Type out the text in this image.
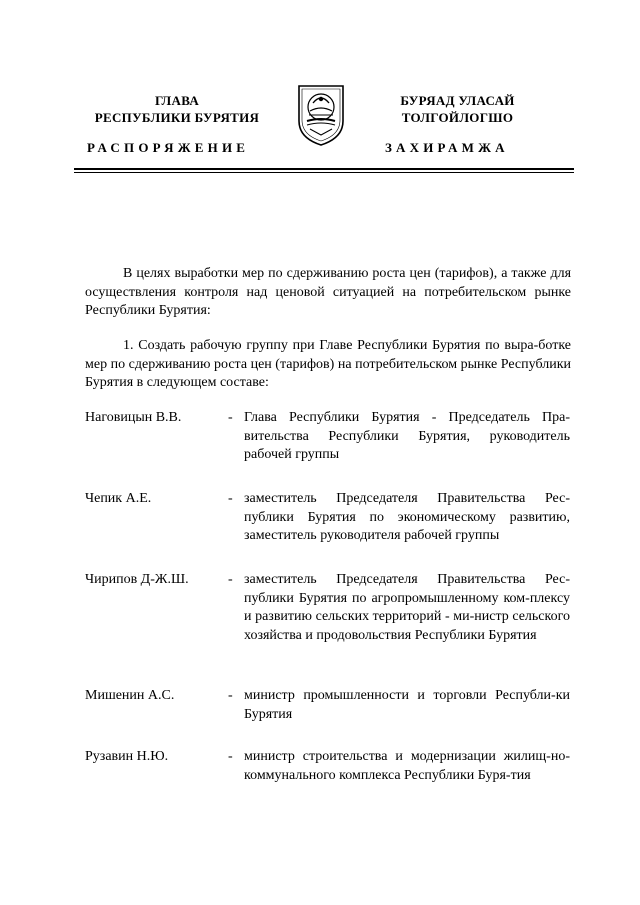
ГЛАВА
РЕСПУБЛИКИ БУРЯТИЯ
БУРЯАД УЛАСАЙ
ТОЛГОЙЛОГШО
РАСПОРЯЖЕНИЕ	ЗАХИРАМЖА
В целях выработки мер по сдерживанию роста цен (тарифов), а также для осуществления контроля над ценовой ситуацией на потребительском рынке Республики Бурятия:
1. Создать рабочую группу при Главе Республики Бурятия по выра-ботке мер по сдерживанию роста цен (тарифов) на потребительском рынке Республики Бурятия в следующем составе:
Наговицын В.В.	- Глава Республики Бурятия - Председатель Пра-вительства Республики Бурятия, руководитель рабочей группы
Чепик А.Е.	- заместитель Председателя Правительства Рес-публики Бурятия по экономическому развитию, заместитель руководителя рабочей группы
Чирипов Д-Ж.Ш.	- заместитель Председателя Правительства Рес-публики Бурятия по агропромышленному ком-плексу и развитию сельских территорий - ми-нистр сельского хозяйства и продовольствия Республики Бурятия
Мишенин А.С.	- министр промышленности и торговли Республи-ки Бурятия
Рузавин Н.Ю.	- министр строительства и модернизации жилищ-но-коммунального комплекса Республики Буря-тия
